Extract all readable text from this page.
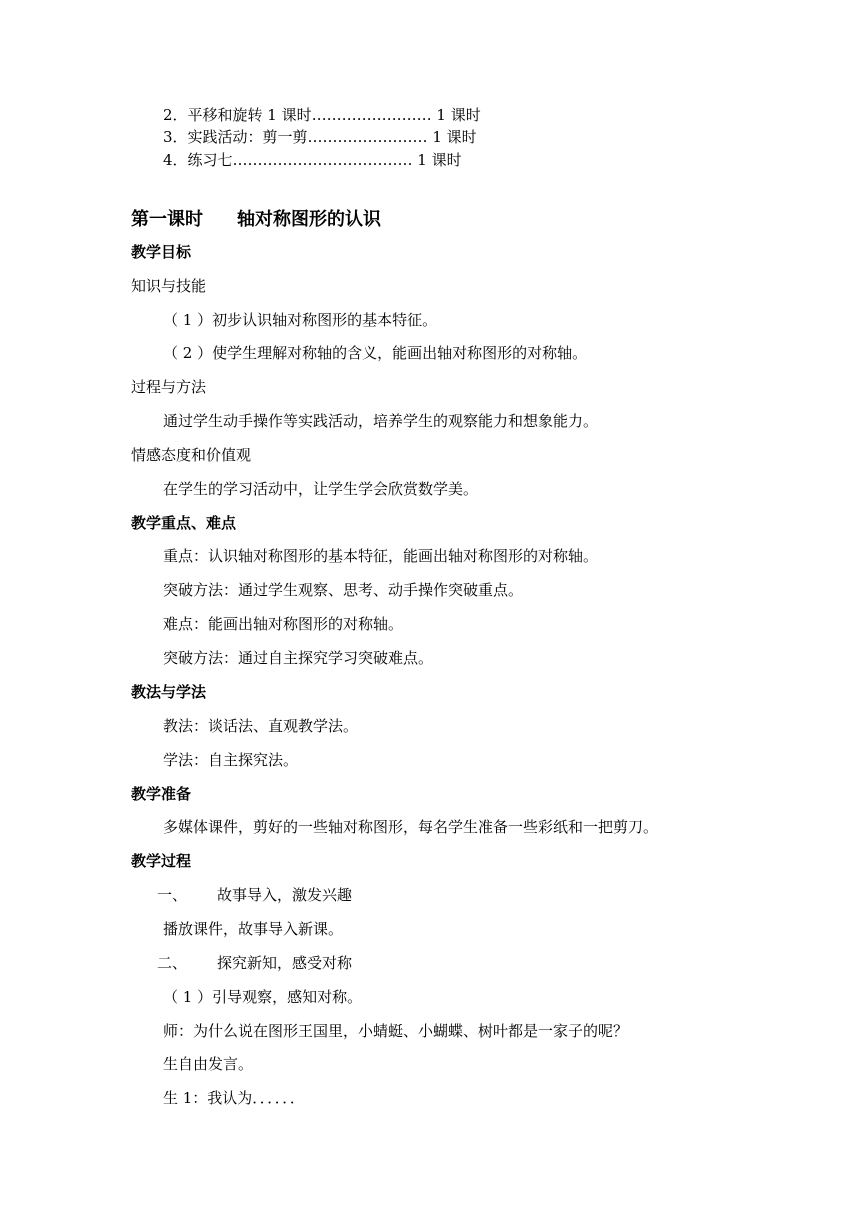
2．平移和旋转 1 课时…………………… 1 课时
3．实践活动：剪一剪…………………… 1 课时
4．练习七……………………………… 1 课时
第一课时 轴对称图形的认识
教学目标
知识与技能
（ 1 ）初步认识轴对称图形的基本特征。
（ 2 ）使学生理解对称轴的含义，能画出轴对称图形的对称轴。
过程与方法
通过学生动手操作等实践活动，培养学生的观察能力和想象能力。
情感态度和价值观
在学生的学习活动中，让学生学会欣赏数学美。
教学重点、难点
重点：认识轴对称图形的基本特征，能画出轴对称图形的对称轴。
突破方法：通过学生观察、思考、动手操作突破重点。
难点：能画出轴对称图形的对称轴。
突破方法：通过自主探究学习突破难点。
教法与学法
教法：谈话法、直观教学法。
学法：自主探究法。
教学准备
多媒体课件，剪好的一些轴对称图形，每名学生准备一些彩纸和一把剪刀。
教学过程
一、 故事导入，激发兴趣
播放课件，故事导入新课。
二、 探究新知，感受对称
（ 1 ）引导观察，感知对称。
师：为什么说在图形王国里，小蜻蜓、小蝴蝶、树叶都是一家子的呢？
生自由发言。
生 1：我认为．．．．．．
